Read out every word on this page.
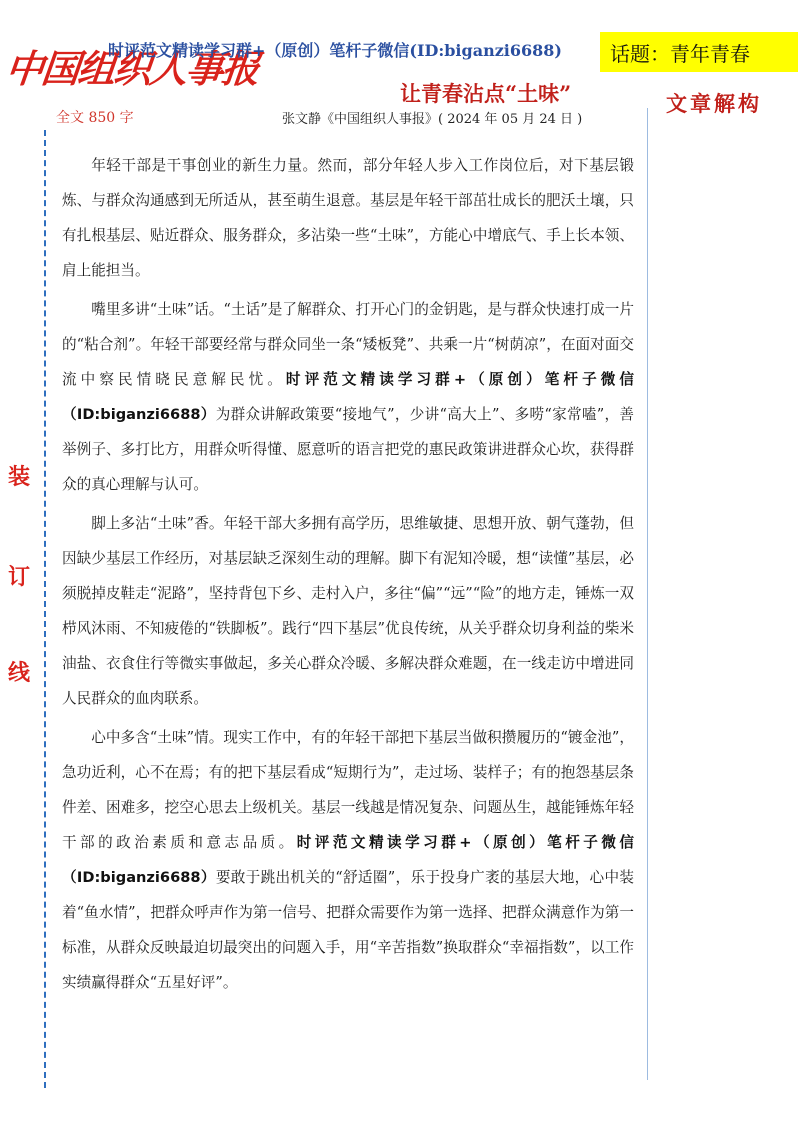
中国组织人事报
时评范文精读学习群+（原创）笔杆子微信(ID:biganzi6688)	话题：青年青春
让青春沾点“土味”	文章解构
全文 850 字	张文静《中国组织人事报》( 2024 年 05 月 24 日 )
装
订
线

年轻干部是干事创业的新生力量。然而，部分年轻人步入工作岗位后，对下基层锻炼、与群众沟通感到无所适从，甚至萌生退意。基层是年轻干部茁壮成长的肥沃土壤，只有扎根基层、贴近群众、服务群众，多沾染一些“土味”，方能心中增底气、手上长本领、肩上能担当。

嘴里多讲“土味”话。“土话”是了解群众、打开心门的金钥匙，是与群众快速打成一片的“粘合剂”。年轻干部要经常与群众同坐一条“矮板凳”、共乘一片“树荫凉”，在面对面交流中察民情晓民意解民忧。时评范文精读学习群+（原创）笔杆子微信（ID:biganzi6688）为群众讲解政策要“接地气”，少讲“高大上”、多唠“家常嗑”，善举例子、多打比方，用群众听得懂、愿意听的语言把党的惠民政策讲进群众心坎，获得群众的真心理解与认可。

脚上多沾“土味”香。年轻干部大多拥有高学历，思维敏捷、思想开放、朝气蓬勃，但因缺少基层工作经历，对基层缺乏深刻生动的理解。脚下有泥知冷暖，想“读懂”基层，必须脱掉皮鞋走“泥路”，坚持背包下乡、走村入户，多往“偏”“远”“险”的地方走，锤炼一双栉风沐雨、不知疲倦的“铁脚板”。践行“四下基层”优良传统，从关乎群众切身利益的柴米油盐、衣食住行等微实事做起，多关心群众冷暖、多解决群众难题，在一线走访中增进同人民群众的血肉联系。

心中多含“土味”情。现实工作中，有的年轻干部把下基层当做积攒履历的“镀金池”，急功近利，心不在焉；有的把下基层看成“短期行为”，走过场、装样子；有的抱怨基层条件差、困难多，挖空心思去上级机关。基层一线越是情况复杂、问题丛生，越能锤炼年轻干部的政治素质和意志品质。时评范文精读学习群+（原创）笔杆子微信（ID:biganzi6688）要敢于跳出机关的“舒适圈”，乐于投身广袤的基层大地，心中装着“鱼水情”，把群众呼声作为第一信号、把群众需要作为第一选择、把群众满意作为第一标准，从群众反映最迫切最突出的问题入手，用“辛苦指数”换取群众“幸福指数”，以工作实绩赢得群众“五星好评”。
